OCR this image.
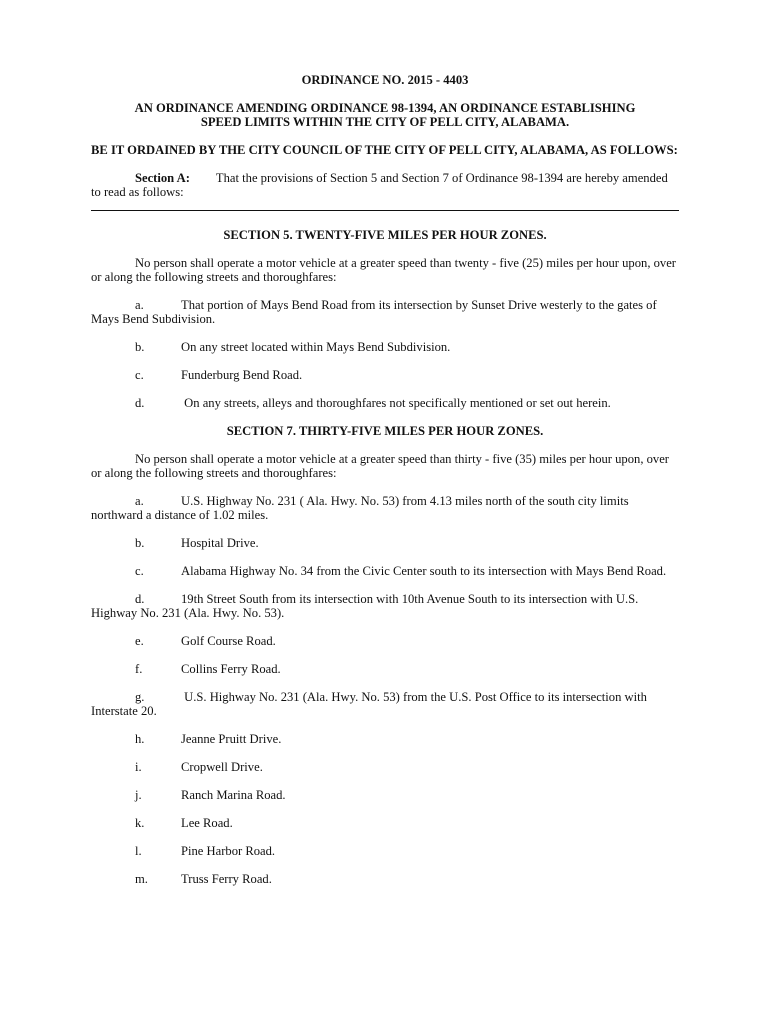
ORDINANCE NO. 2015 - 4403
AN ORDINANCE AMENDING ORDINANCE 98-1394, AN ORDINANCE ESTABLISHING SPEED LIMITS WITHIN THE CITY OF PELL CITY, ALABAMA.
BE IT ORDAINED BY THE CITY COUNCIL OF THE CITY OF PELL CITY, ALABAMA, AS FOLLOWS:
Section A: That the provisions of Section 5 and Section 7 of Ordinance 98-1394 are hereby amended to read as follows:
SECTION 5. TWENTY-FIVE MILES PER HOUR ZONES.
No person shall operate a motor vehicle at a greater speed than twenty - five (25) miles per hour upon, over or along the following streets and thoroughfares:
a.	That portion of Mays Bend Road from its intersection by Sunset Drive westerly to the gates of Mays Bend Subdivision.
b.	On any street located within Mays Bend Subdivision.
c.	Funderburg Bend Road.
d.	On any streets, alleys and thoroughfares not specifically mentioned or set out herein.
SECTION 7. THIRTY-FIVE MILES PER HOUR ZONES.
No person shall operate a motor vehicle at a greater speed than thirty - five (35) miles per hour upon, over or along the following streets and thoroughfares:
a.	U.S. Highway No. 231 ( Ala. Hwy. No. 53) from 4.13 miles north of the south city limits northward a distance of 1.02 miles.
b.	Hospital Drive.
c.	Alabama Highway No. 34 from the Civic Center south to its intersection with Mays Bend Road.
d.	19th Street South from its intersection with 10th Avenue South to its intersection with U.S. Highway No. 231 (Ala. Hwy. No. 53).
e.	Golf Course Road.
f.	Collins Ferry Road.
g.	U.S. Highway No. 231 (Ala. Hwy. No. 53) from the U.S. Post Office to its intersection with Interstate 20.
h.	Jeanne Pruitt Drive.
i.	Cropwell Drive.
j.	Ranch Marina Road.
k.	Lee Road.
l.	Pine Harbor Road.
m.	Truss Ferry Road.
